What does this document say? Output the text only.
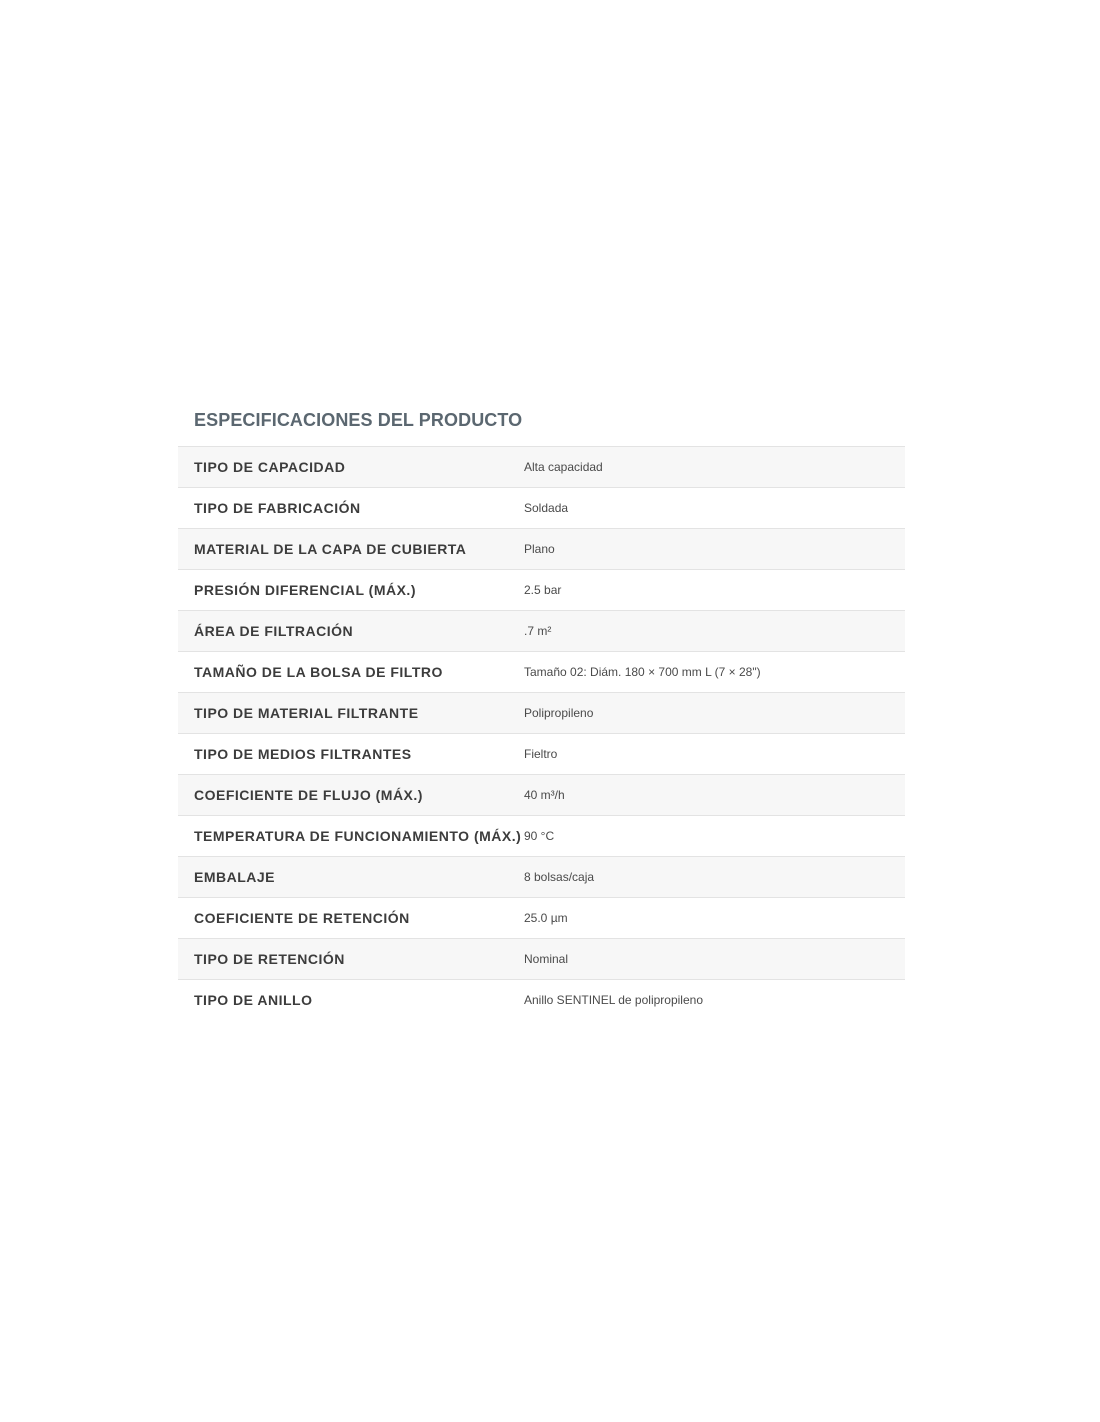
ESPECIFICACIONES DEL PRODUCTO
TIPO DE CAPACIDAD	Alta capacidad
TIPO DE FABRICACIÓN	Soldada
MATERIAL DE LA CAPA DE CUBIERTA	Plano
PRESIÓN DIFERENCIAL (MÁX.)	2.5 bar
ÁREA DE FILTRACIÓN	.7 m²
TAMAÑO DE LA BOLSA DE FILTRO	Tamaño 02: Diám. 180 × 700 mm L (7 × 28")
TIPO DE MATERIAL FILTRANTE	Polipropileno
TIPO DE MEDIOS FILTRANTES	Fieltro
COEFICIENTE DE FLUJO (MÁX.)	40 m³/h
TEMPERATURA DE FUNCIONAMIENTO (MÁX.)	90 °C
EMBALAJE	8 bolsas/caja
COEFICIENTE DE RETENCIÓN	25.0 µm
TIPO DE RETENCIÓN	Nominal
TIPO DE ANILLO	Anillo SENTINEL de polipropileno
